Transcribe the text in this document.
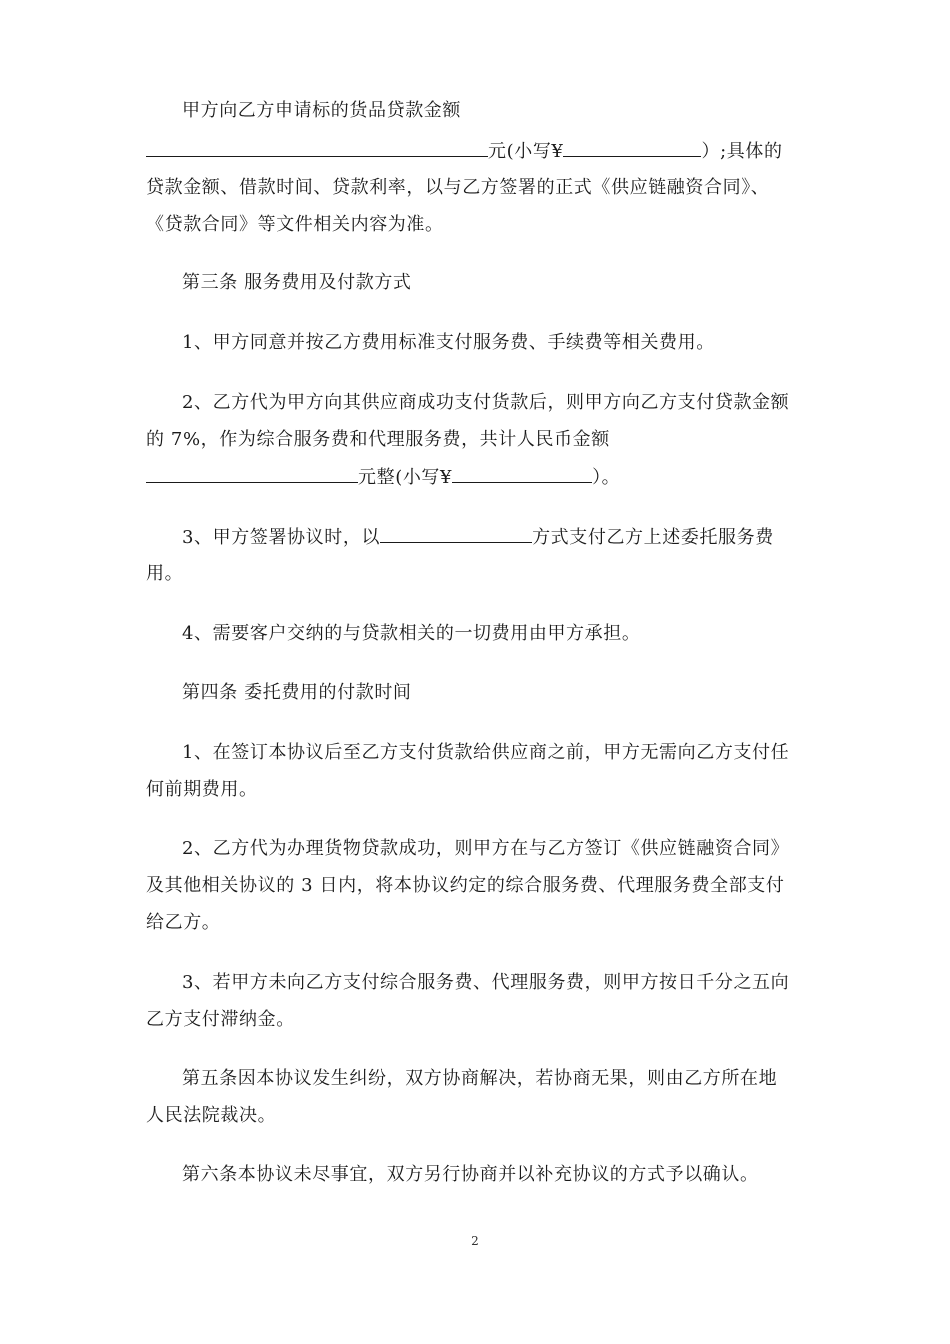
甲方向乙方申请标的货品贷款金额
元(小写¥	）;具体的
贷款金额、借款时间、贷款利率，以与乙方签署的正式《供应链融资合同》、
《贷款合同》等文件相关内容为准。
第三条 服务费用及付款方式
1、甲方同意并按乙方费用标准支付服务费、手续费等相关费用。
2、乙方代为甲方向其供应商成功支付货款后，则甲方向乙方支付贷款金额
的 7%，作为综合服务费和代理服务费，共计人民币金额
元整(小写¥	）。
3、甲方签署协议时，以	方式支付乙方上述委托服务费
用。
4、需要客户交纳的与贷款相关的一切费用由甲方承担。
第四条 委托费用的付款时间
1、在签订本协议后至乙方支付货款给供应商之前，甲方无需向乙方支付任
何前期费用。
2、乙方代为办理货物贷款成功，则甲方在与乙方签订《供应链融资合同》
及其他相关协议的 3 日内，将本协议约定的综合服务费、代理服务费全部支付
给乙方。
3、若甲方未向乙方支付综合服务费、代理服务费，则甲方按日千分之五向
乙方支付滞纳金。
第五条因本协议发生纠纷，双方协商解决，若协商无果，则由乙方所在地
人民法院裁决。
第六条本协议未尽事宜，双方另行协商并以补充协议的方式予以确认。
2
